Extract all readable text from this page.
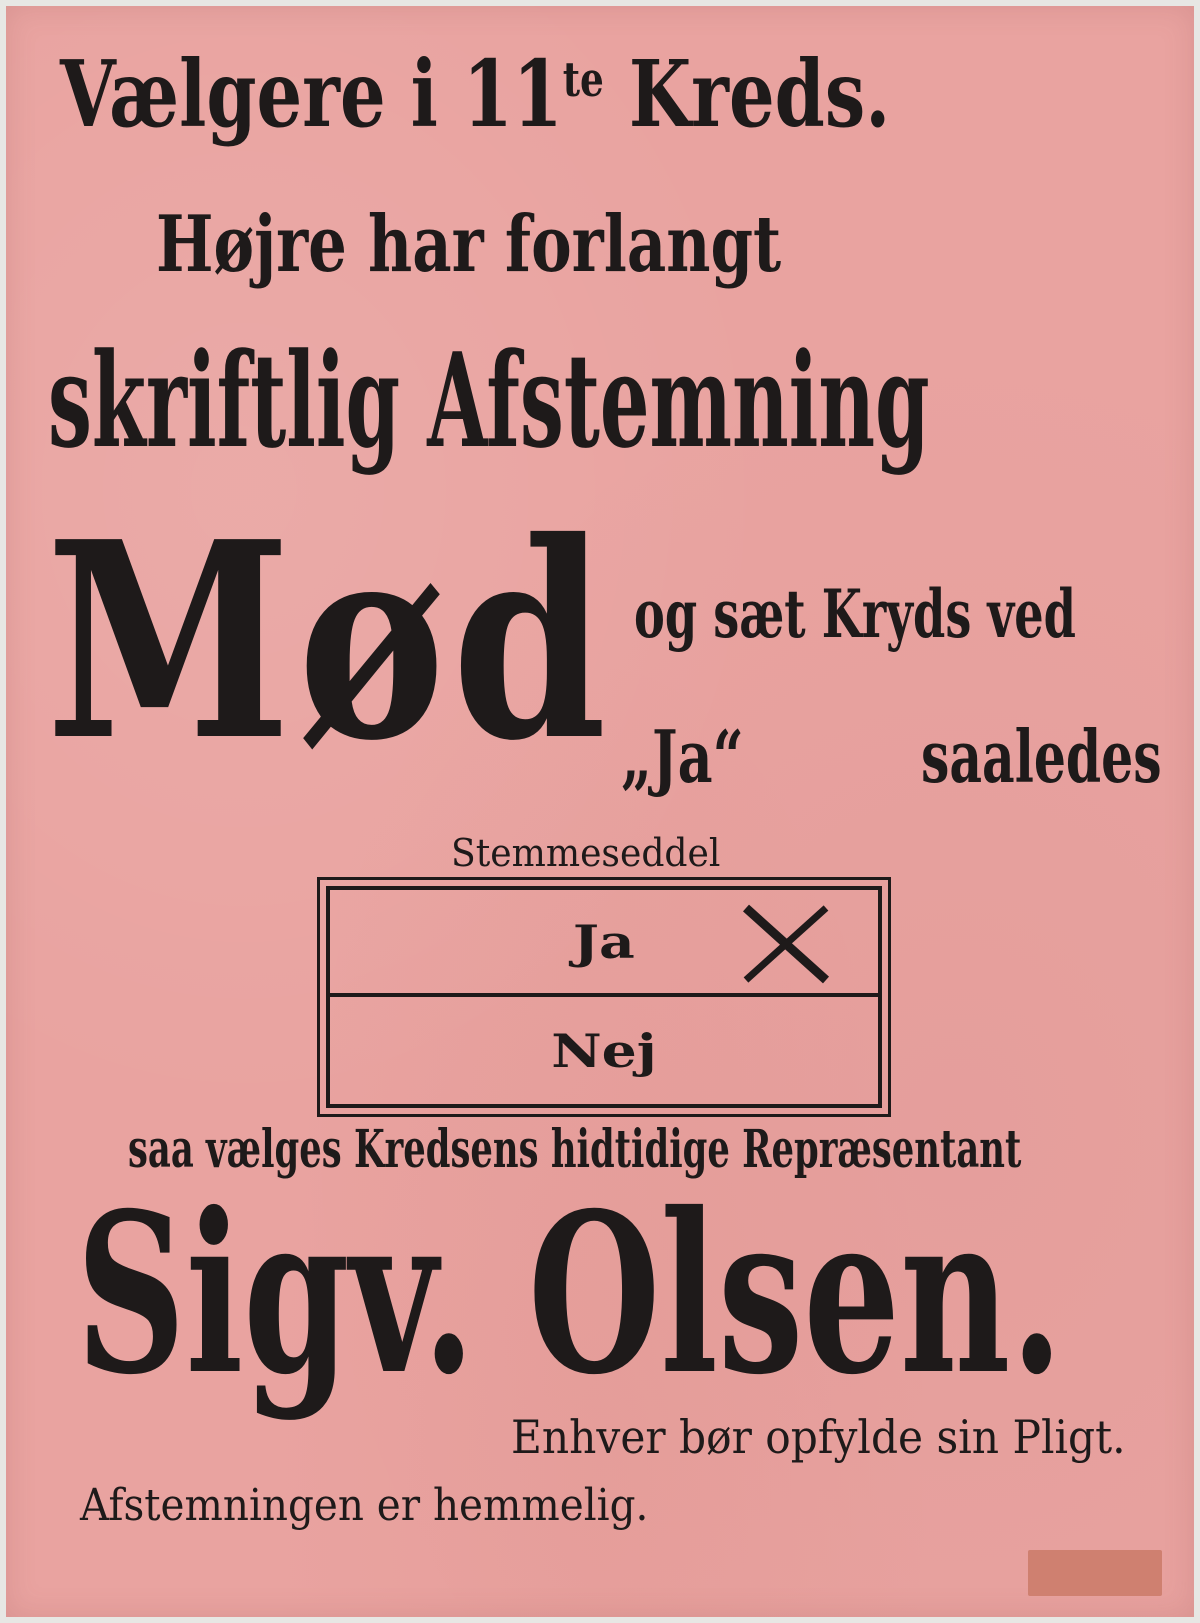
Vælgere i $11^{te}$ Kreds.
Højre har forlangt
skriftlig Afstemning
Mød og sæt Kryds ved
„Ja“	saaledes
Stemmeseddel
Ja
Nej
saa vælges Kredsens hidtidige Repræsentant
Sigv. Olsen.
Enhver bør opfylde sin Pligt.
Afstemningen er hemmelig.
